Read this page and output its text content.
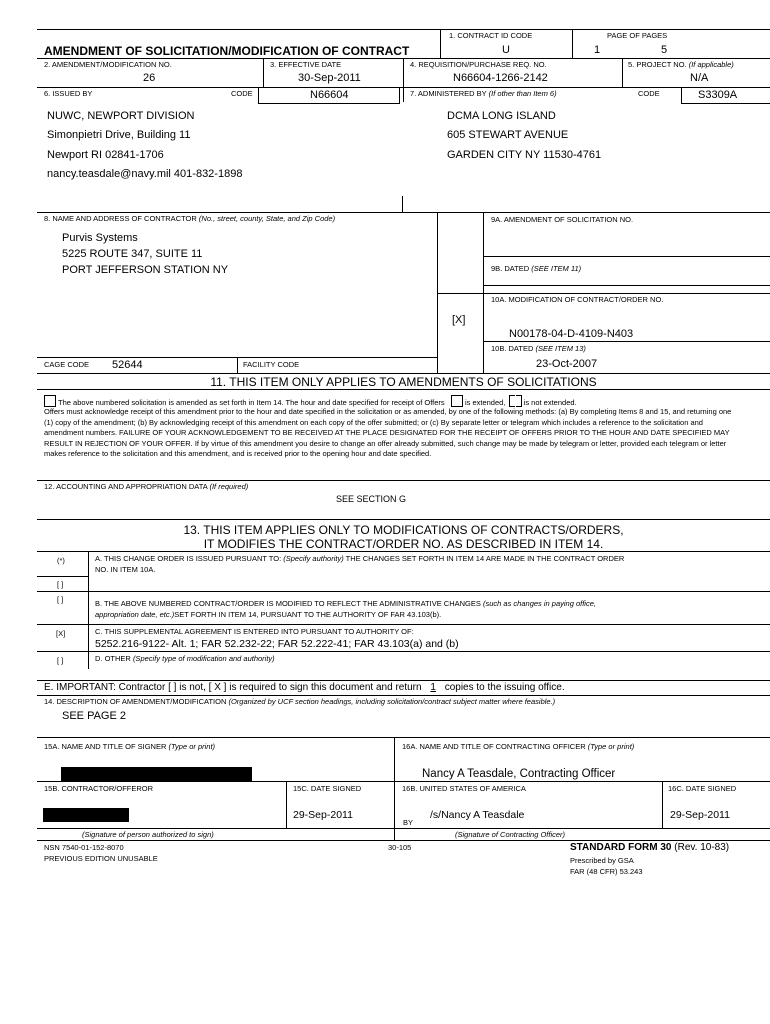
1. CONTRACT ID CODE	PAGE OF PAGES
U	1	5
AMENDMENT OF SOLICITATION/MODIFICATION OF CONTRACT
2. AMENDMENT/MODIFICATION NO.	3. EFFECTIVE DATE	4. REQUISITION/PURCHASE REQ. NO.	5. PROJECT NO. (If applicable)
26	30-Sep-2011	N66604-1266-2142	N/A
6. ISSUED BY	CODE	N66604	7. ADMINISTERED BY (If other than Item 6)	CODE	S3309A
NUWC, NEWPORT DIVISION
Simonpietri Drive, Building 11
Newport RI 02841-1706
nancy.teasdale@navy.mil 401-832-1898
DCMA LONG ISLAND
605 STEWART AVENUE
GARDEN CITY NY 11530-4761
8. NAME AND ADDRESS OF CONTRACTOR (No., street, county, State, and Zip Code)
Purvis Systems
5225 ROUTE 347, SUITE 11
PORT JEFFERSON STATION NY
9A. AMENDMENT OF SOLICITATION NO.
9B. DATED (SEE ITEM 11)
10A. MODIFICATION OF CONTRACT/ORDER NO.
[X]
N00178-04-D-4109-N403
10B. DATED (SEE ITEM 13)
23-Oct-2007
CAGE CODE 52644	FACILITY CODE
11. THIS ITEM ONLY APPLIES TO AMENDMENTS OF SOLICITATIONS
The above numbered solicitation is amended as set forth in Item 14. The hour and date specified for receipt of Offers	is extended, is not extended.

Offers must acknowledge receipt of this amendment prior to the hour and date specified in the solicitation or as amended, by one of the following methods: (a) By completing Items 8 and 15, and returning one (1) copy of the amendment; (b) By acknowledging receipt of this amendment on each copy of the offer submitted; or (c) By separate letter or telegram which includes a reference to the solicitation and amendment numbers. FAILURE OF YOUR ACKNOWLEDGEMENT TO BE RECEIVED AT THE PLACE DESIGNATED FOR THE RECEIPT OF OFFERS PRIOR TO THE HOUR AND DATE SPECIFIED MAY RESULT IN REJECTION OF YOUR OFFER. If by virtue of this amendment you desire to change an offer already submitted, such change may be made by telegram or letter, provided each telegram or letter makes reference to the solicitation and this amendment, and is received prior to the opening hour and date specified.

12. ACCOUNTING AND APPROPRIATION DATA (If required)
SEE SECTION G
13. THIS ITEM APPLIES ONLY TO MODIFICATIONS OF CONTRACTS/ORDERS,
IT MODIFIES THE CONTRACT/ORDER NO. AS DESCRIBED IN ITEM 14.
(*)	A. THIS CHANGE ORDER IS ISSUED PURSUANT TO: (Specify authority) THE CHANGES SET FORTH IN ITEM 14 ARE MADE IN THE CONTRACT ORDER
NO. IN ITEM 10A.
[ ]
[ ]	B. THE ABOVE NUMBERED CONTRACT/ORDER IS MODIFIED TO REFLECT THE ADMINISTRATIVE CHANGES (such as changes in paying office,
appropriation date, etc.)SET FORTH IN ITEM 14, PURSUANT TO THE AUTHORITY OF FAR 43.103(b).
[X]	C. THIS SUPPLEMENTAL AGREEMENT IS ENTERED INTO PURSUANT TO AUTHORITY OF:
5252.216-9122- Alt. 1; FAR 52.232-22; FAR 52.222-41; FAR 43.103(a) and (b)
[ ]	D. OTHER (Specify type of modification and authority)
E. IMPORTANT: Contractor [ ] is not, [ X ] is required to sign this document and return 1 copies to the issuing office.
14. DESCRIPTION OF AMENDMENT/MODIFICATION (Organized by UCF section headings, including solicitation/contract subject matter where feasible.)
SEE PAGE 2
15A. NAME AND TITLE OF SIGNER (Type or print)	16A. NAME AND TITLE OF CONTRACTING OFFICER (Type or print)
Nancy A Teasdale, Contracting Officer
15B. CONTRACTOR/OFFEROR	15C. DATE SIGNED	16B. UNITED STATES OF AMERICA	16C. DATE SIGNED
29-Sep-2011
BY
/s/Nancy A Teasdale	29-Sep-2011
(Signature of person authorized to sign)	(Signature of Contracting Officer)
NSN 7540-01-152-8070
PREVIOUS EDITION UNUSABLE
30-105	STANDARD FORM 30 (Rev. 10-83)
Prescribed by GSA
FAR (48 CFR) 53.243
